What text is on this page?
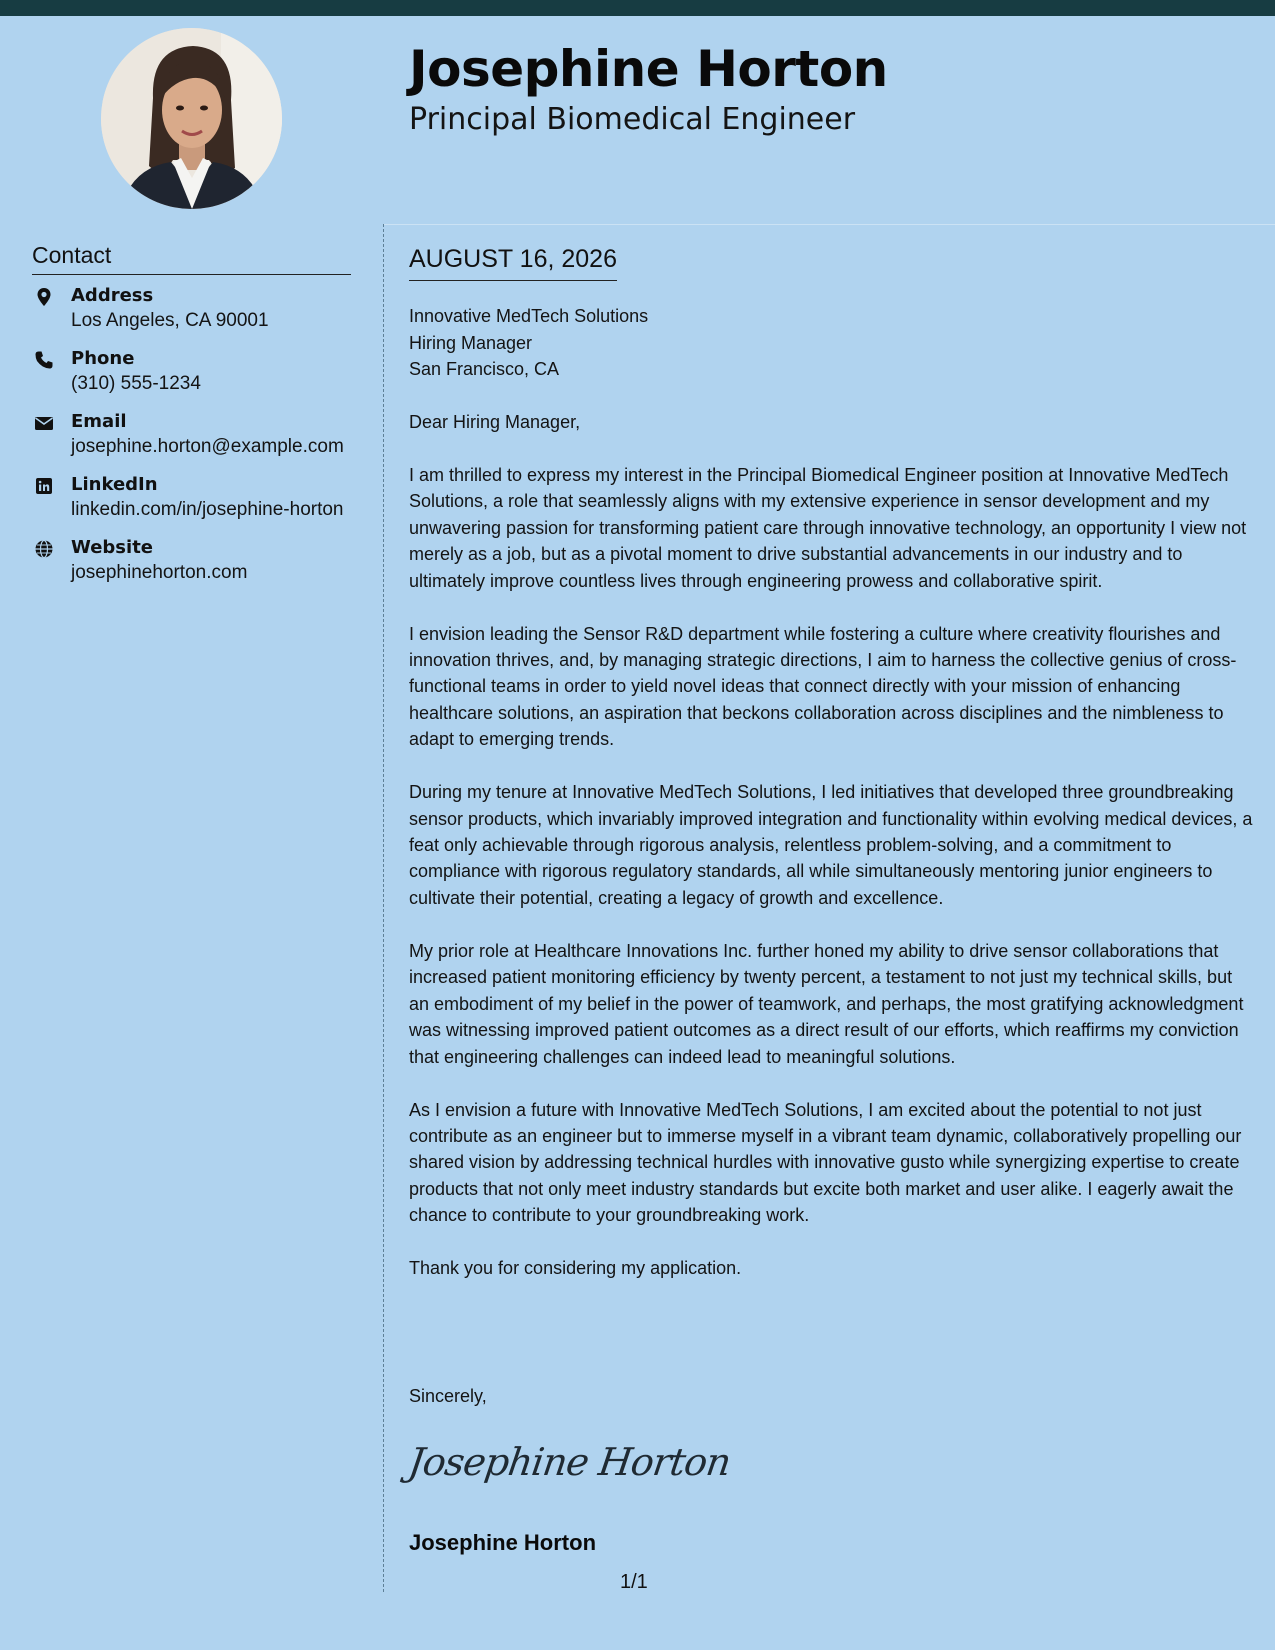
Josephine Horton
Principal Biomedical Engineer
Contact
Address
Los Angeles, CA 90001
Phone
(310) 555-1234
Email
josephine.horton@example.com
LinkedIn
linkedin.com/in/josephine-horton
Website
josephinehorton.com
AUGUST 16, 2026
Innovative MedTech Solutions
Hiring Manager
San Francisco, CA

Dear Hiring Manager,

I am thrilled to express my interest in the Principal Biomedical Engineer position at Innovative MedTech Solutions, a role that seamlessly aligns with my extensive experience in sensor development and my unwavering passion for transforming patient care through innovative technology, an opportunity I view not merely as a job, but as a pivotal moment to drive substantial advancements in our industry and to ultimately improve countless lives through engineering prowess and collaborative spirit.

I envision leading the Sensor R&D department while fostering a culture where creativity flourishes and innovation thrives, and, by managing strategic directions, I aim to harness the collective genius of cross-functional teams in order to yield novel ideas that connect directly with your mission of enhancing healthcare solutions, an aspiration that beckons collaboration across disciplines and the nimbleness to adapt to emerging trends.

During my tenure at Innovative MedTech Solutions, I led initiatives that developed three groundbreaking sensor products, which invariably improved integration and functionality within evolving medical devices, a feat only achievable through rigorous analysis, relentless problem-solving, and a commitment to compliance with rigorous regulatory standards, all while simultaneously mentoring junior engineers to cultivate their potential, creating a legacy of growth and excellence.

My prior role at Healthcare Innovations Inc. further honed my ability to drive sensor collaborations that increased patient monitoring efficiency by twenty percent, a testament to not just my technical skills, but an embodiment of my belief in the power of teamwork, and perhaps, the most gratifying acknowledgment was witnessing improved patient outcomes as a direct result of our efforts, which reaffirms my conviction that engineering challenges can indeed lead to meaningful solutions.

As I envision a future with Innovative MedTech Solutions, I am excited about the potential to not just contribute as an engineer but to immerse myself in a vibrant team dynamic, collaboratively propelling our shared vision by addressing technical hurdles with innovative gusto while synergizing expertise to create products that not only meet industry standards but excite both market and user alike. I eagerly await the chance to contribute to your groundbreaking work.

Thank you for considering my application.

Sincerely,
Josephine Horton
Josephine Horton
1/1
